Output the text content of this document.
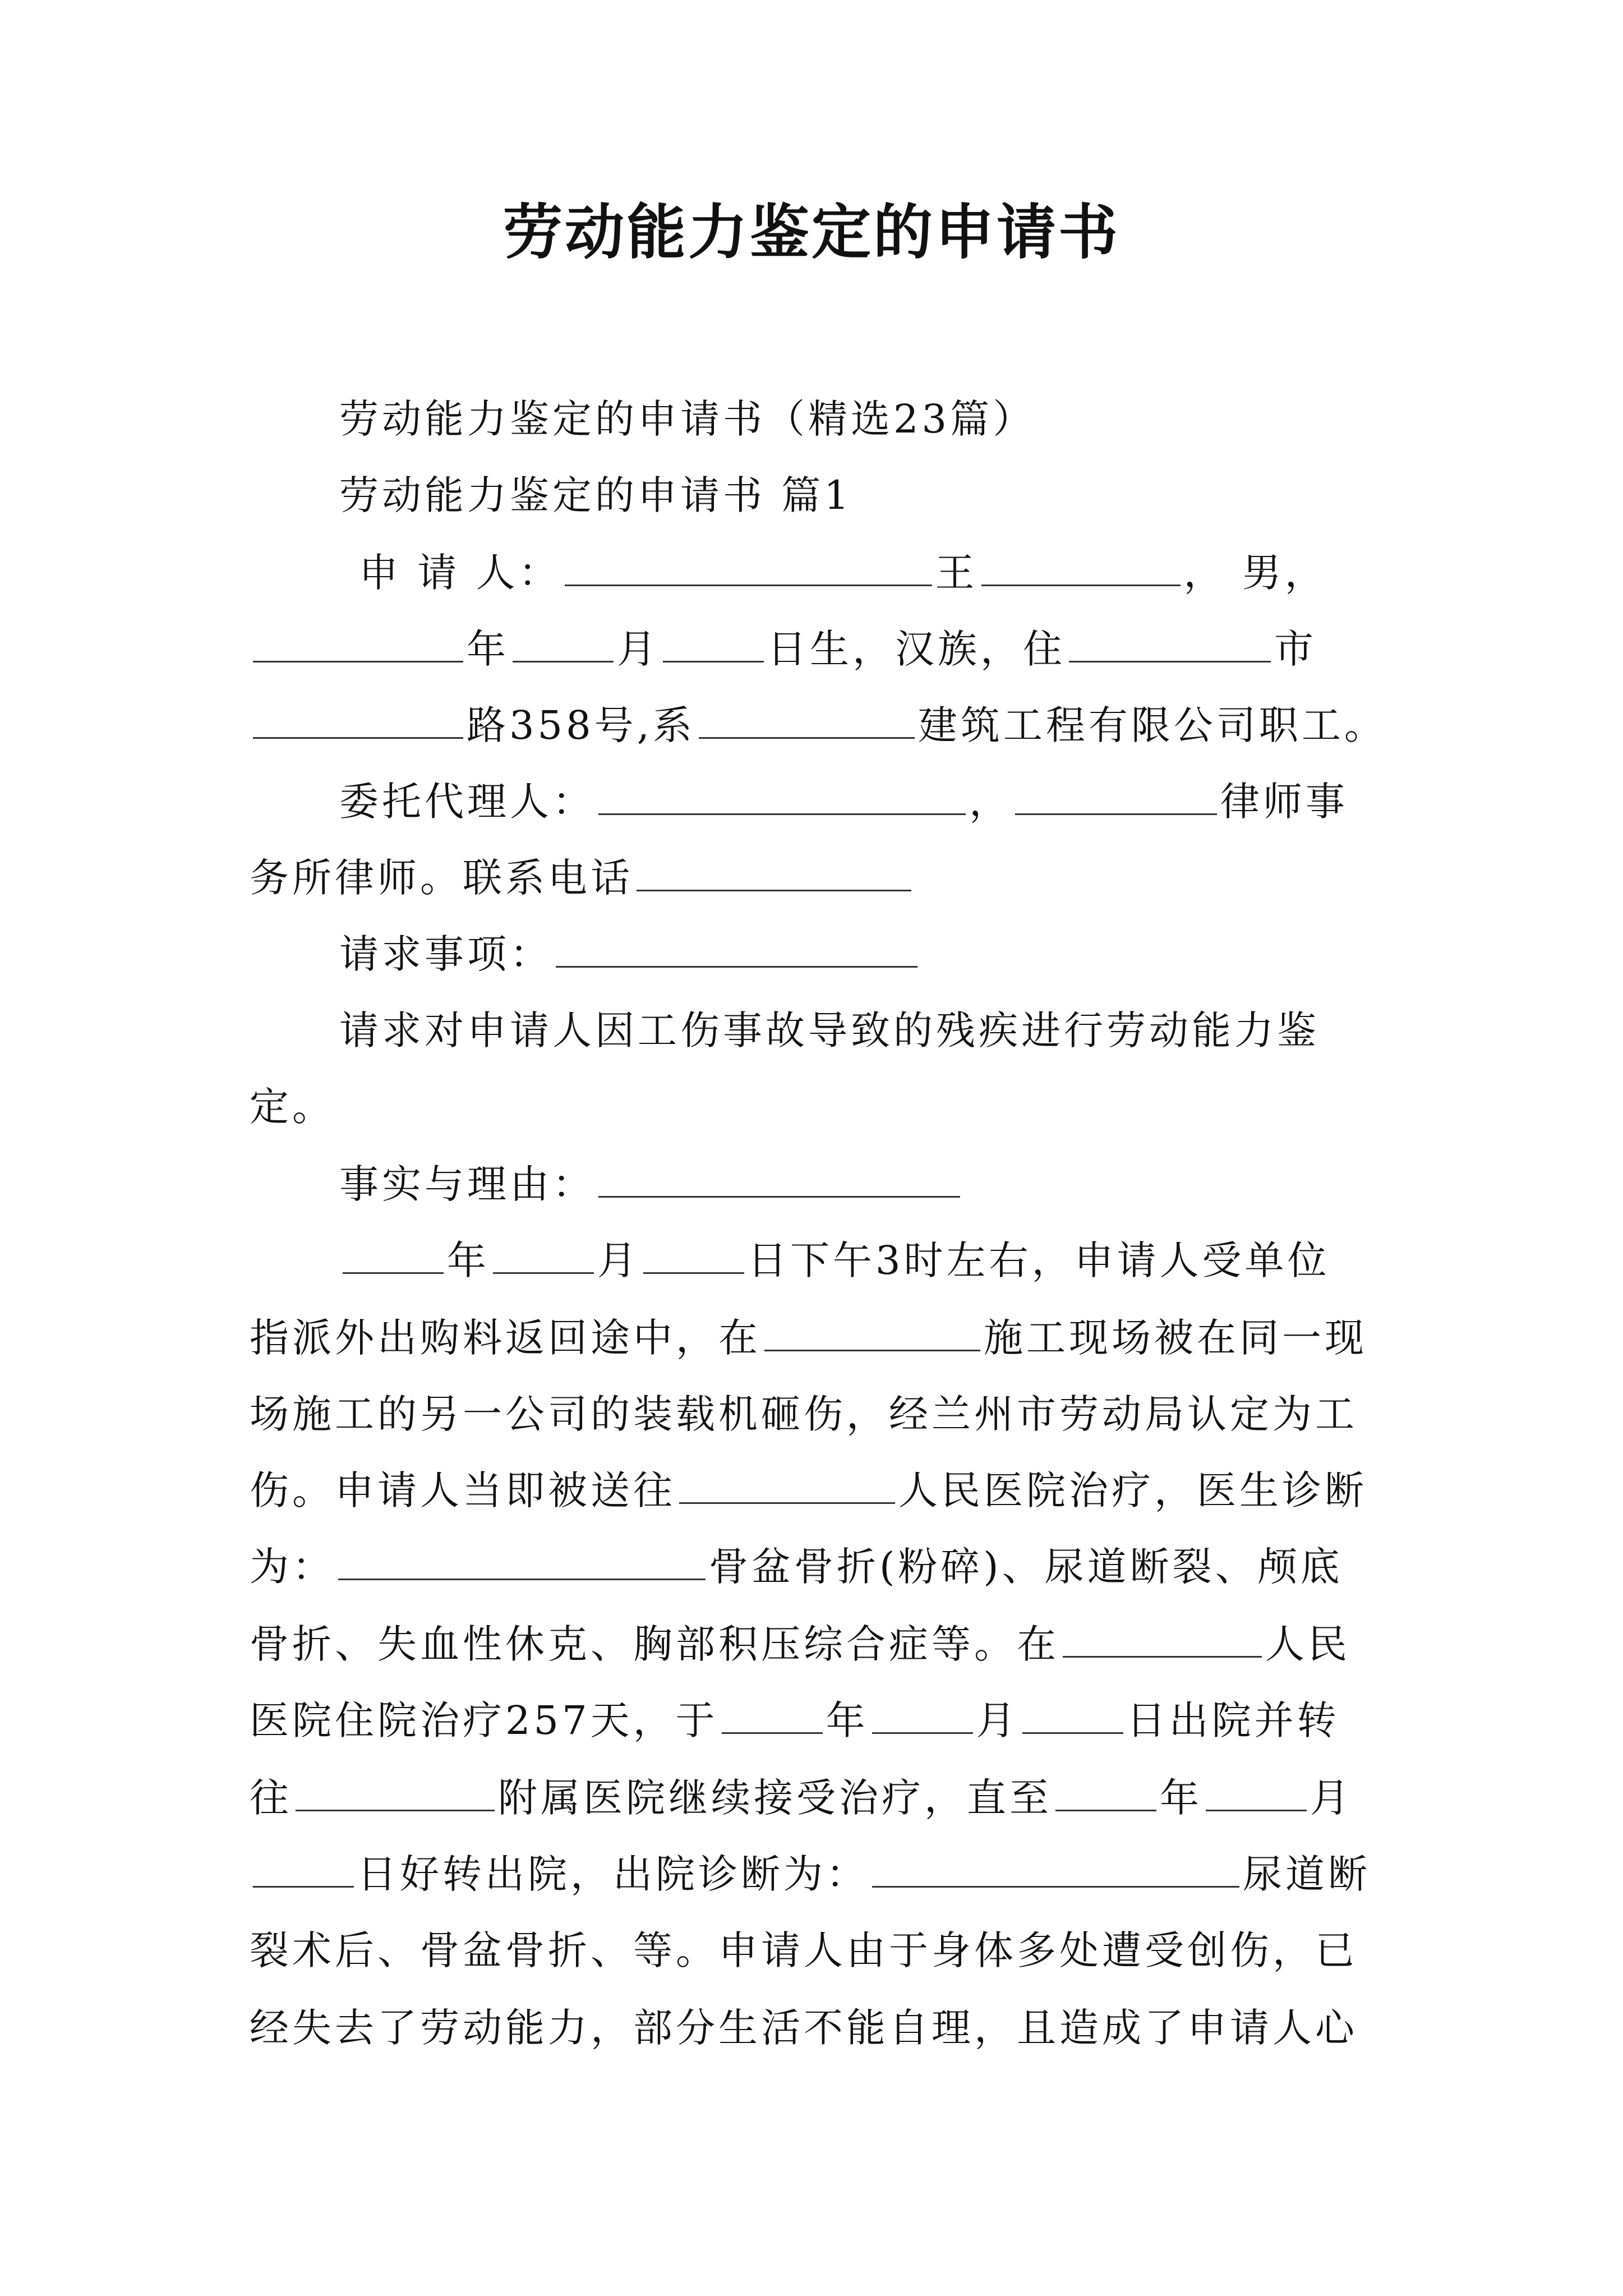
劳动能力鉴定的申请书
劳动能力鉴定的申请书（精选23篇）
劳动能力鉴定的申请书 篇1
申 请 人：	王	， 男，
年	月	日生，汉族，住	市
路358号,系	建筑工程有限公司职工。
委托代理人：	，	律师事
务所律师。联系电话
请求事项：
请求对申请人因工伤事故导致的残疾进行劳动能力鉴
定。
事实与理由：
年	月	日下午3时左右，申请人受单位
指派外出购料返回途中，在	施工现场被在同一现
场施工的另一公司的装载机砸伤，经兰州市劳动局认定为工
伤。申请人当即被送往	人民医院治疗，医生诊断
为：	骨盆骨折(粉碎)、尿道断裂、颅底
骨折、失血性休克、胸部积压综合症等。在	人民
医院住院治疗257天，于	年	月	日出院并转
往	附属医院继续接受治疗，直至	年	月
日好转出院，出院诊断为：	尿道断
裂术后、骨盆骨折、等。申请人由于身体多处遭受创伤，已
经失去了劳动能力，部分生活不能自理，且造成了申请人心
